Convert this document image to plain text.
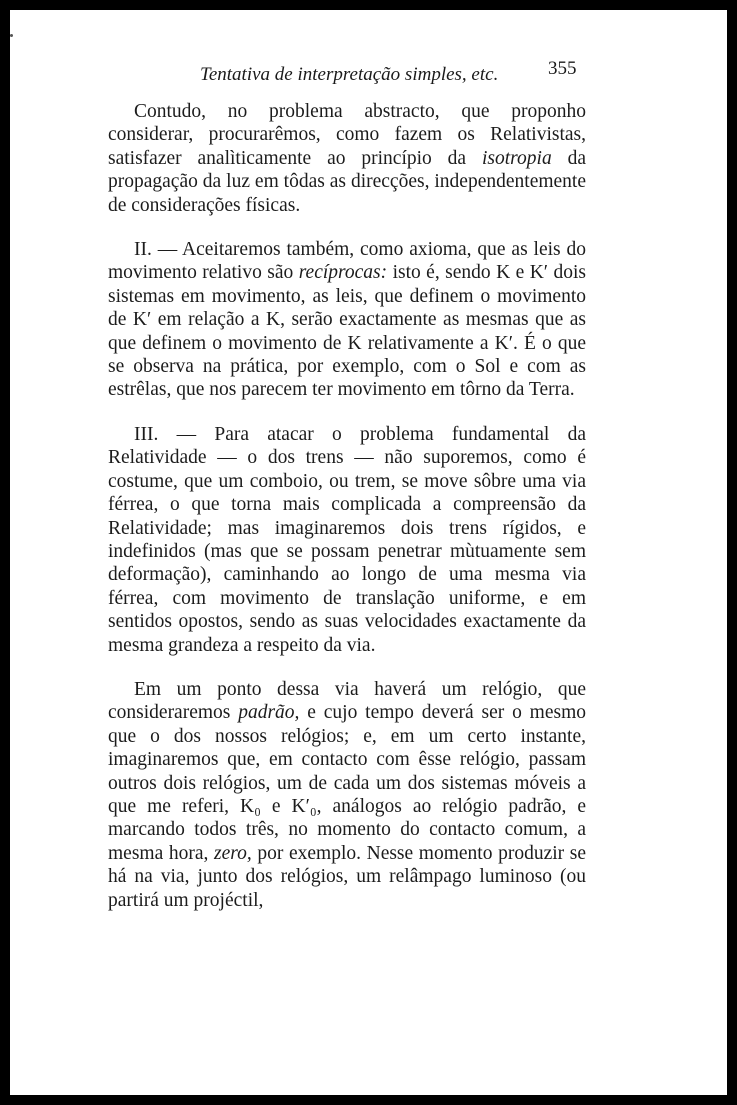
Tentativa de interpretação simples, etc.	355

Contudo, no problema abstracto, que proponho considerar, procurarêmos, como fazem os Relativistas, satisfazer analìticamente ao princípio da isotropia da propagação da luz em tôdas as direcções, independentemente de considerações físicas.

II. — Aceitaremos também, como axioma, que as leis do movimento relativo são recíprocas: isto é, sendo K e K′ dois sistemas em movimento, as leis, que definem o movimento de K′ em relação a K, serão exactamente as mesmas que as que definem o movimento de K relativamente a K′. É o que se observa na prática, por exemplo, com o Sol e com as estrêlas, que nos parecem ter movimento em tôrno da Terra.

III. — Para atacar o problema fundamental da Relatividade — o dos trens — não suporemos, como é costume, que um comboio, ou trem, se move sôbre uma via férrea, o que torna mais complicada a compreensão da Relatividade; mas imaginaremos dois trens rígidos, e indefinidos (mas que se possam penetrar mùtuamente sem deformação), caminhando ao longo de uma mesma via férrea, com movimento de translação uniforme, e em sentidos opostos, sendo as suas velocidades exactamente da mesma grandeza a respeito da via.

Em um ponto dessa via haverá um relógio, que consideraremos padrão, e cujo tempo deverá ser o mesmo que o dos nossos relógios; e, em um certo instante, imaginaremos que, em contacto com êsse relógio, passam outros dois relógios, um de cada um dos sistemas móveis a que me referi, K₀ e K′₀, análogos ao relógio padrão, e marcando todos três, no momento do contacto comum, a mesma hora, zero, por exemplo. Nesse momento produzir se há na via, junto dos relógios, um relâmpago luminoso (ou partirá um projéctil,
